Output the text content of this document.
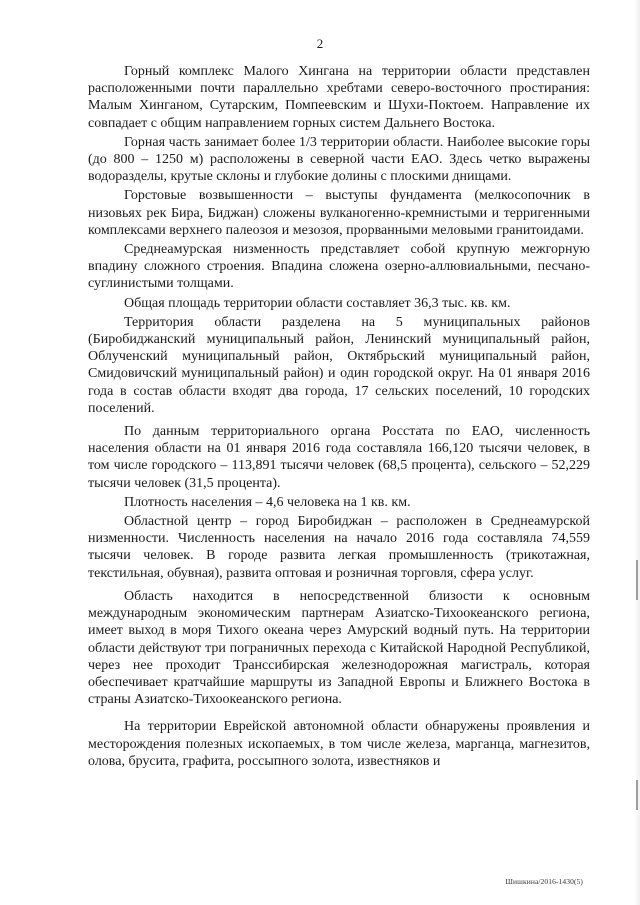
2

Горный комплекс Малого Хингана на территории области представлен расположенными почти параллельно хребтами северо-восточного простирания: Малым Хинганом, Сутарским, Помпеевским и Шухи-Поктоем. Направление их совпадает с общим направлением горных систем Дальнего Востока.

Горная часть занимает более 1/3 территории области. Наиболее высокие горы (до 800 – 1250 м) расположены в северной части ЕАО. Здесь четко выражены водоразделы, крутые склоны и глубокие долины с плоскими днищами.

Горстовые возвышенности – выступы фундамента (мелкосопочник в низовьях рек Бира, Биджан) сложены вулканогенно-кремнистыми и терригенными комплексами верхнего палеозоя и мезозоя, прорванными меловыми гранитоидами.

Среднеамурская низменность представляет собой крупную межгорную впадину сложного строения. Впадина сложена озерно-аллювиальными, песчано-суглинистыми толщами.

Общая площадь территории области составляет 36,3 тыс. кв. км.

Территория области разделена на 5 муниципальных районов (Биробиджанский муниципальный район, Ленинский муниципальный район, Облученский муниципальный район, Октябрьский муниципальный район, Смидовичский муниципальный район) и один городской округ. На 01 января 2016 года в состав области входят два города, 17 сельских поселений, 10 городских поселений.

По данным территориального органа Росстата по ЕАО, численность населения области на 01 января 2016 года составляла 166,120 тысячи человек, в том числе городского – 113,891 тысячи человек (68,5 процента), сельского – 52,229 тысячи человек (31,5 процента).

Плотность населения – 4,6 человека на 1 кв. км.

Областной центр – город Биробиджан – расположен в Среднеамурской низменности. Численность населения на начало 2016 года составляла 74,559 тысячи человек. В городе развита легкая промышленность (трикотажная, текстильная, обувная), развита оптовая и розничная торговля, сфера услуг.

Область находится в непосредственной близости к основным международным экономическим партнерам Азиатско-Тихоокеанского региона, имеет выход в моря Тихого океана через Амурский водный путь. На территории области действуют три пограничных перехода с Китайской Народной Республикой, через нее проходит Транссибирская железнодорожная магистраль, которая обеспечивает кратчайшие маршруты из Западной Европы и Ближнего Востока в страны Азиатско-Тихоокеанского региона.

На территории Еврейской автономной области обнаружены проявления и месторождения полезных ископаемых, в том числе железа, марганца, магнезитов, олова, брусита, графита, россыпного золота, известняков и

Шишкина/2016-1430(5)
